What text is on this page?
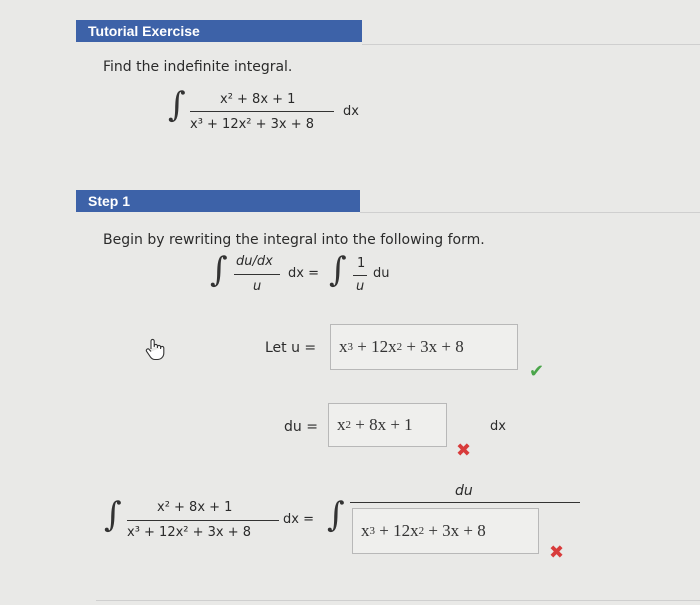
Tutorial Exercise
Find the indefinite integral.
∫	x² + 8x + 1
x³ + 12x² + 3x + 8
dx
Step 1
Begin by rewriting the integral into the following form.
∫ du/dx
u
dx = ∫ 1
u
du
Let u = x 3 + 12x 2 + 3x + 8
✔
du = x 2 + 8x + 1
✖
dx
∫	x² + 8x + 1
x³ + 12x² + 3x + 8
dx = ∫
du
x 3 + 12x 2 + 3x + 8
✖
